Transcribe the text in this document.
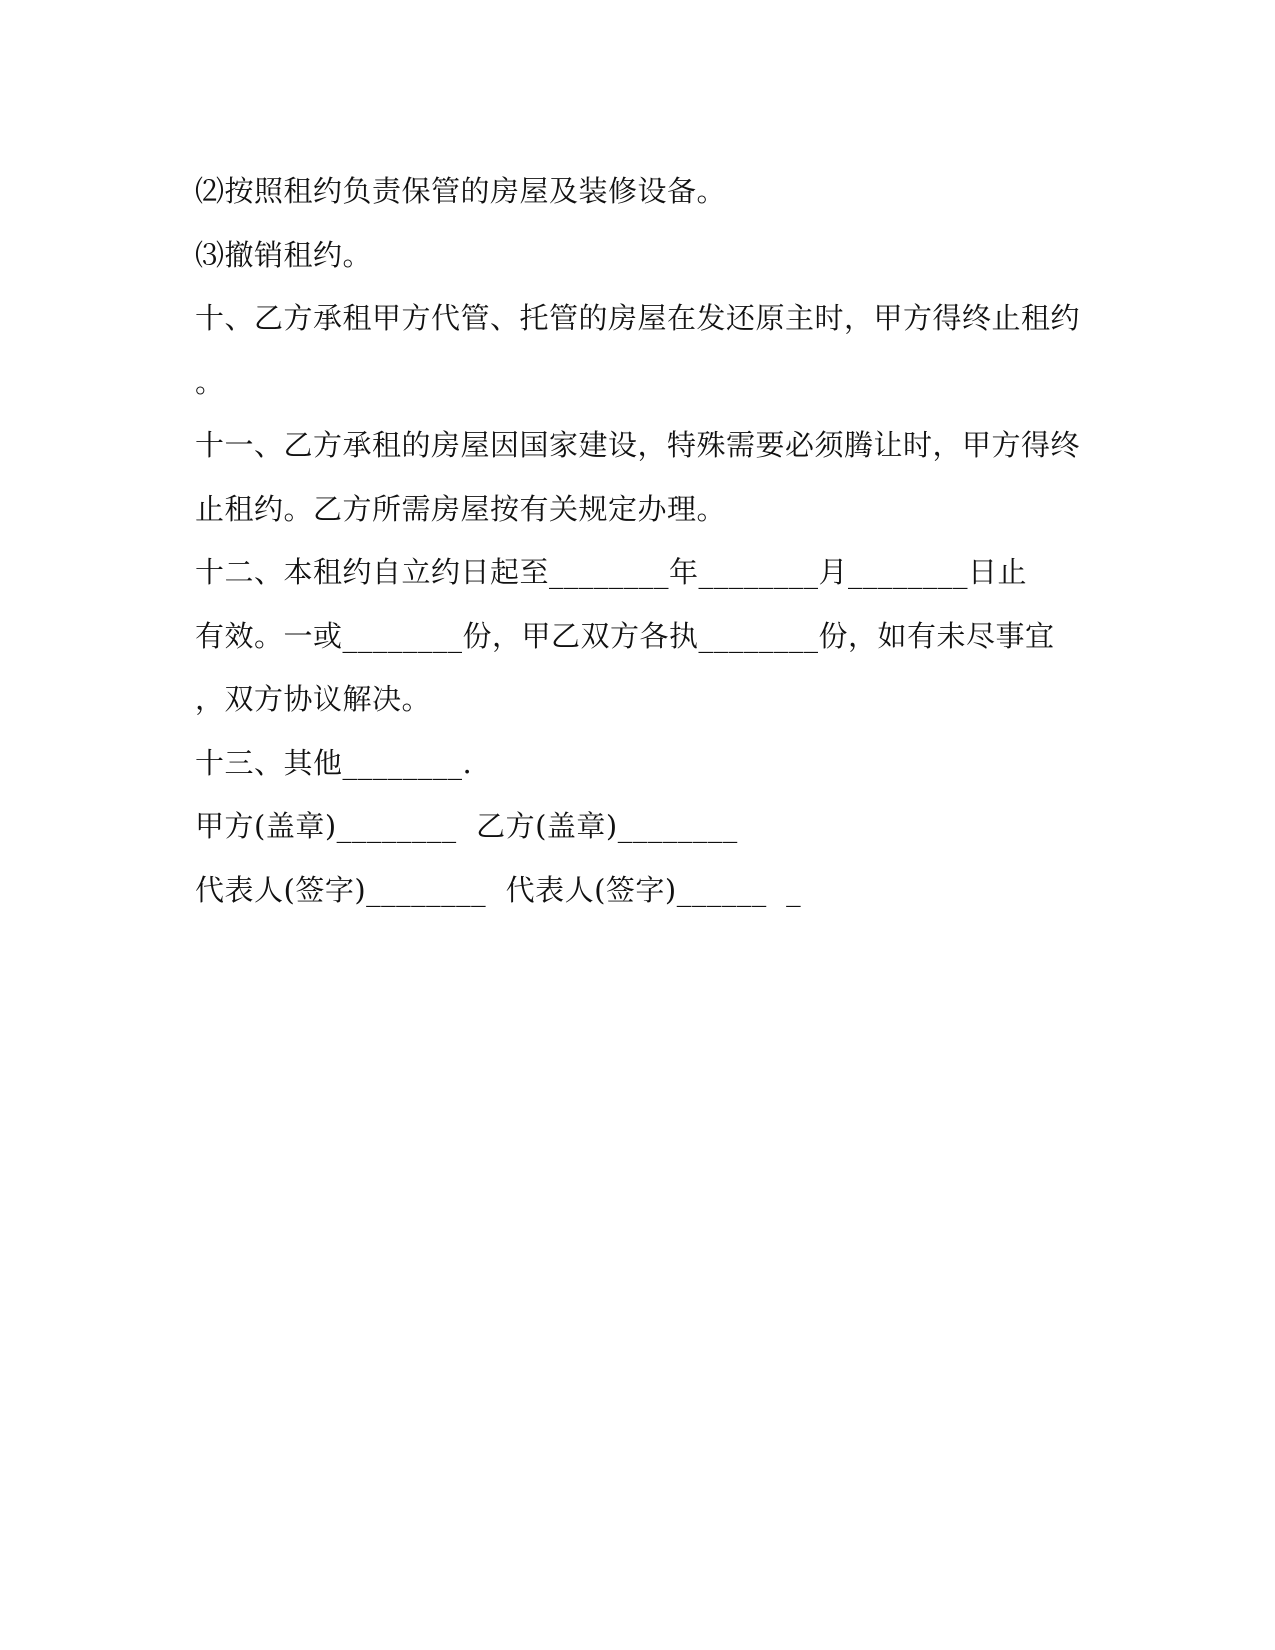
⑵按照租约负责保管的房屋及装修设备。
⑶撤销租约。
十、乙方承租甲方代管、托管的房屋在发还原主时，甲方得终止租约
。
十一、乙方承租的房屋因国家建设，特殊需要必须腾让时，甲方得终
止租约。乙方所需房屋按有关规定办理。
十二、本租约自立约日起至________年________月________日止
有效。一或________份，甲乙双方各执________份，如有未尽事宜
，双方协议解决。
十三、其他________.
甲方(盖章)________  乙方(盖章)________
代表人(签字)________  代表人(签字)______  _
